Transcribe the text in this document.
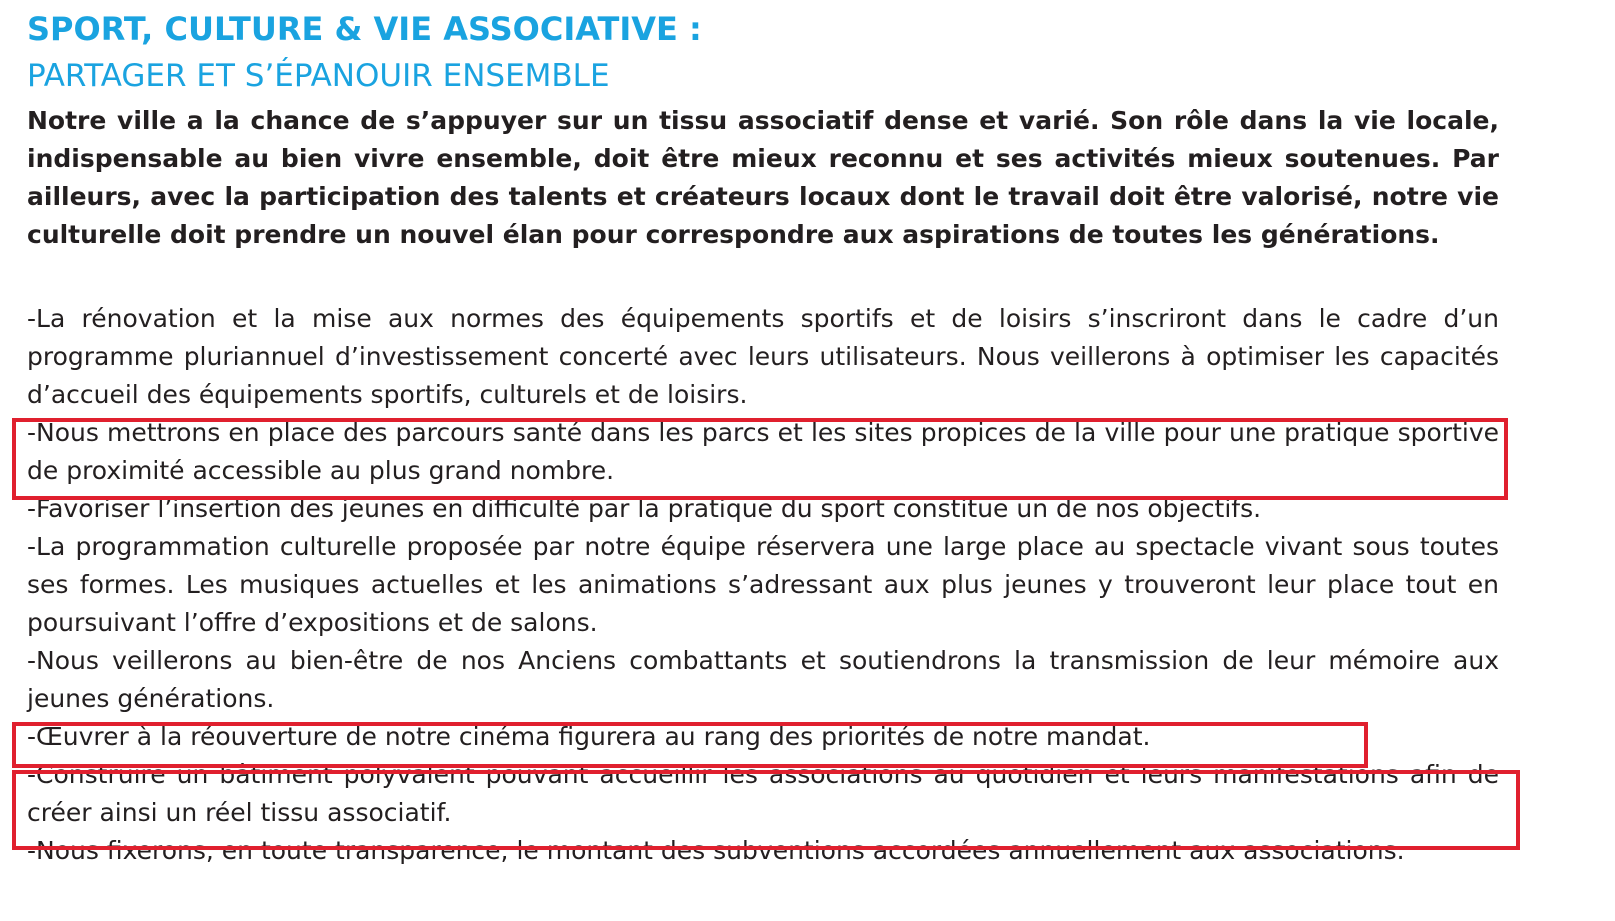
SPORT, CULTURE & VIE ASSOCIATIVE :
PARTAGER ET S’ÉPANOUIR ENSEMBLE

Notre ville a la chance de s’appuyer sur un tissu associatif dense et varié. Son rôle dans la vie locale, indispensable au bien vivre ensemble, doit être mieux reconnu et ses activités mieux soutenues. Par ailleurs, avec la participation des talents et créateurs locaux dont le travail doit être valorisé, notre vie culturelle doit prendre un nouvel élan pour correspondre aux aspirations de toutes les générations.

-La rénovation et la mise aux normes des équipements sportifs et de loisirs s’inscriront dans le cadre d’un programme pluriannuel d’investissement concerté avec leurs utilisateurs. Nous veillerons à optimiser les capacités d’accueil des équipements sportifs, culturels et de loisirs.
-Nous mettrons en place des parcours santé dans les parcs et les sites propices de la ville pour une pratique sportive de proximité accessible au plus grand nombre.
-Favoriser l’insertion des jeunes en difficulté par la pratique du sport constitue un de nos objectifs.
-La programmation culturelle proposée par notre équipe réservera une large place au spectacle vivant sous toutes ses formes. Les musiques actuelles et les animations s’adressant aux plus jeunes y trouveront leur place tout en poursuivant l’offre d’expositions et de salons.
-Nous veillerons au bien-être de nos Anciens combattants et soutiendrons la transmission de leur mémoire aux jeunes générations.
-Œuvrer à la réouverture de notre cinéma figurera au rang des priorités de notre mandat.
-Construire un bâtiment polyvalent pouvant accueillir les associations au quotidien et leurs manifestations afin de créer ainsi un réel tissu associatif.
-Nous fixerons, en toute transparence, le montant des subventions accordées annuellement aux associations.
